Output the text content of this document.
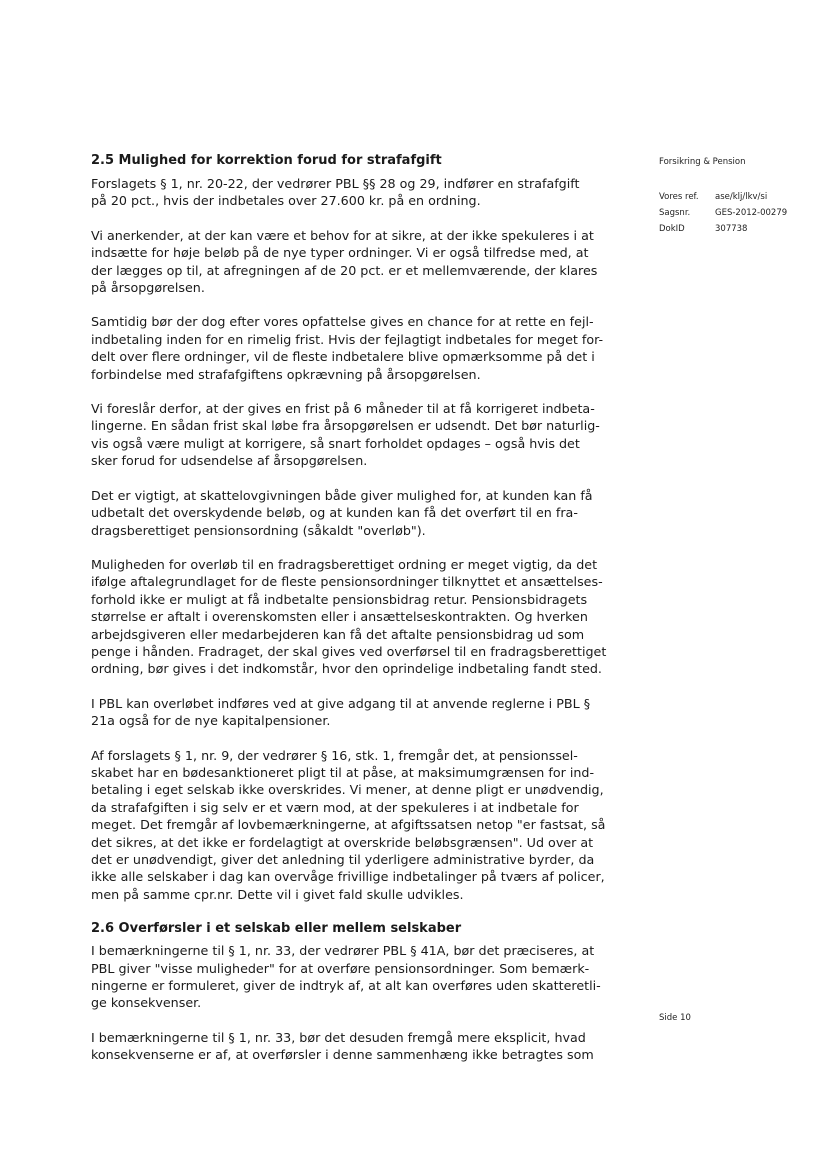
Forsikring & Pension
Vores ref.	ase/klj/lkv/si
Sagsnr.	GES-2012-00279
DokID	307738
Side 10
2.5 Mulighed for korrektion forud for strafafgift

Forslagets § 1, nr. 20-22, der vedrører PBL §§ 28 og 29, indfører en strafafgift
på 20 pct., hvis der indbetales over 27.600 kr. på en ordning.

Vi anerkender, at der kan være et behov for at sikre, at der ikke spekuleres i at
indsætte for høje beløb på de nye typer ordninger. Vi er også tilfredse med, at
der lægges op til, at afregningen af de 20 pct. er et mellemværende, der klares
på årsopgørelsen.

Samtidig bør der dog efter vores opfattelse gives en chance for at rette en fejl-
indbetaling inden for en rimelig frist. Hvis der fejlagtigt indbetales for meget for-
delt over flere ordninger, vil de fleste indbetalere blive opmærksomme på det i
forbindelse med strafafgiftens opkrævning på årsopgørelsen.

Vi foreslår derfor, at der gives en frist på 6 måneder til at få korrigeret indbeta-
lingerne. En sådan frist skal løbe fra årsopgørelsen er udsendt. Det bør naturlig-
vis også være muligt at korrigere, så snart forholdet opdages – også hvis det
sker forud for udsendelse af årsopgørelsen.

Det er vigtigt, at skattelovgivningen både giver mulighed for, at kunden kan få
udbetalt det overskydende beløb, og at kunden kan få det overført til en fra-
dragsberettiget pensionsordning (såkaldt "overløb").

Muligheden for overløb til en fradragsberettiget ordning er meget vigtig, da det
ifølge aftalegrundlaget for de fleste pensionsordninger tilknyttet et ansættelses-
forhold ikke er muligt at få indbetalte pensionsbidrag retur. Pensionsbidragets
størrelse er aftalt i overenskomsten eller i ansættelseskontrakten. Og hverken
arbejdsgiveren eller medarbejderen kan få det aftalte pensionsbidrag ud som
penge i hånden. Fradraget, der skal gives ved overførsel til en fradragsberettiget
ordning, bør gives i det indkomstår, hvor den oprindelige indbetaling fandt sted.

I PBL kan overløbet indføres ved at give adgang til at anvende reglerne i PBL §
21a også for de nye kapitalpensioner.

Af forslagets § 1, nr. 9, der vedrører § 16, stk. 1, fremgår det, at pensionssel-
skabet har en bødesanktioneret pligt til at påse, at maksimumgrænsen for ind-
betaling i eget selskab ikke overskrides. Vi mener, at denne pligt er unødvendig,
da strafafgiften i sig selv er et værn mod, at der spekuleres i at indbetale for
meget. Det fremgår af lovbemærkningerne, at afgiftssatsen netop "er fastsat, så
det sikres, at det ikke er fordelagtigt at overskride beløbsgrænsen". Ud over at
det er unødvendigt, giver det anledning til yderligere administrative byrder, da
ikke alle selskaber i dag kan overvåge frivillige indbetalinger på tværs af policer,
men på samme cpr.nr. Dette vil i givet fald skulle udvikles.

2.6 Overførsler i et selskab eller mellem selskaber

I bemærkningerne til § 1, nr. 33, der vedrører PBL § 41A, bør det præciseres, at
PBL giver "visse muligheder" for at overføre pensionsordninger. Som bemærk-
ningerne er formuleret, giver de indtryk af, at alt kan overføres uden skatteretli-
ge konsekvenser.

I bemærkningerne til § 1, nr. 33, bør det desuden fremgå mere eksplicit, hvad
konsekvenserne er af, at overførsler i denne sammenhæng ikke betragtes som
